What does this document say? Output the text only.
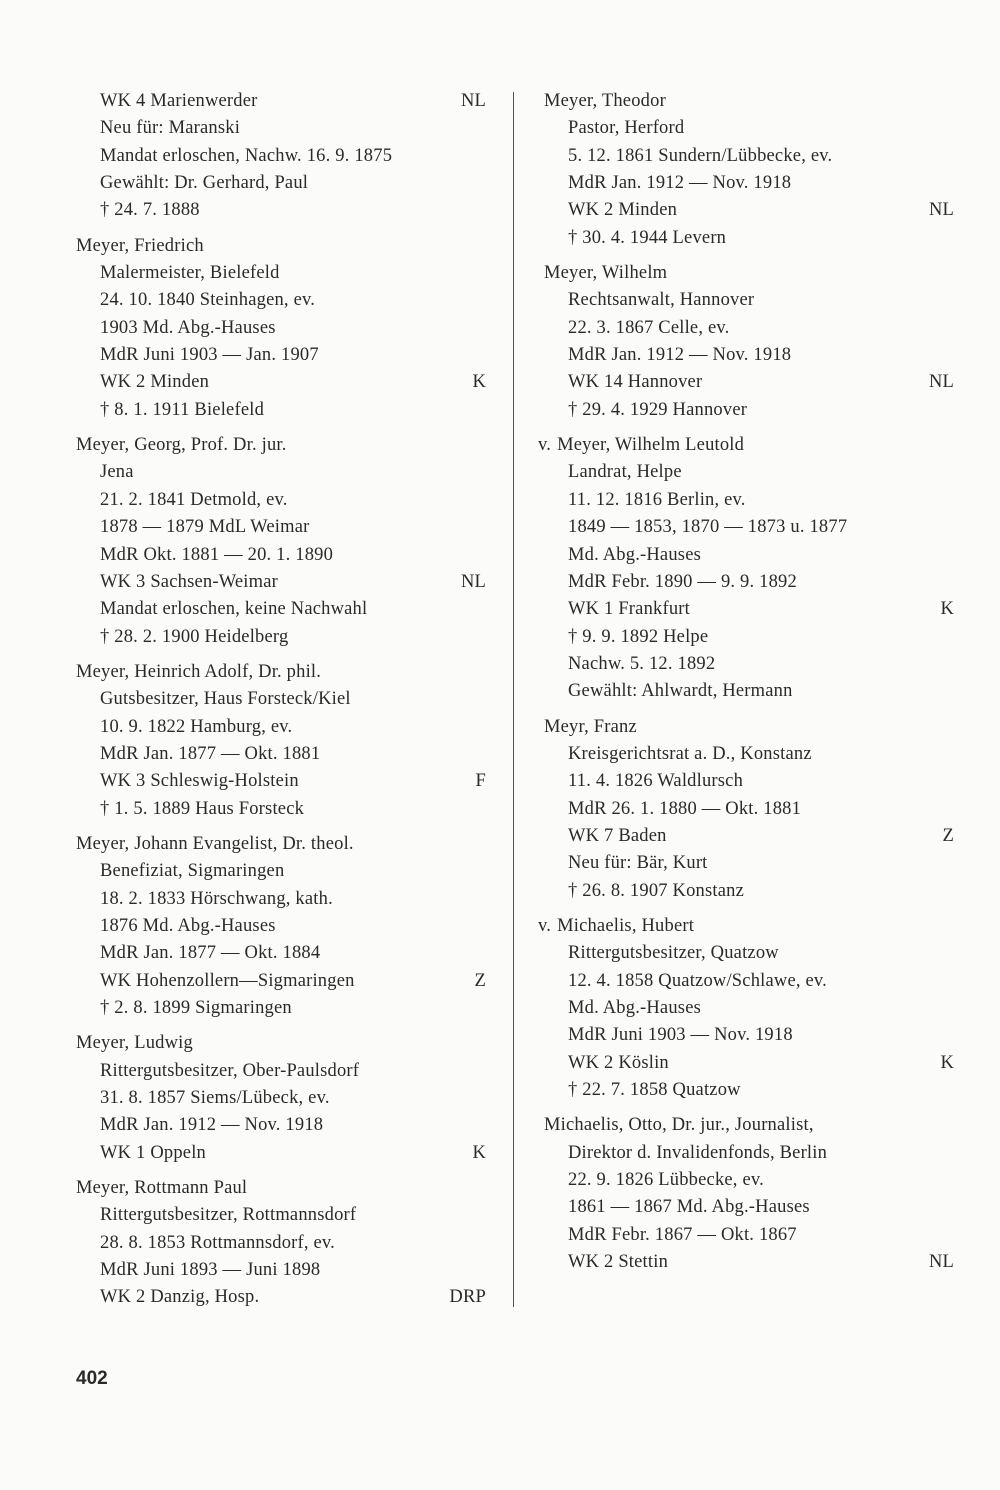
WK 4 Marienwerder	NL
Neu für: Maranski
Mandat erloschen, Nachw. 16. 9. 1875
Gewählt: Dr. Gerhard, Paul
† 24. 7. 1888
Meyer, Friedrich
Malermeister, Bielefeld
24. 10. 1840 Steinhagen, ev.
1903 Md. Abg.-Hauses
MdR Juni 1903 — Jan. 1907
WK 2 Minden	K
† 8. 1. 1911 Bielefeld
Meyer, Georg, Prof. Dr. jur.
Jena
21. 2. 1841 Detmold, ev.
1878 — 1879 MdL Weimar
MdR Okt. 1881 — 20. 1. 1890
WK 3 Sachsen-Weimar	NL
Mandat erloschen, keine Nachwahl
† 28. 2. 1900 Heidelberg
Meyer, Heinrich Adolf, Dr. phil.
Gutsbesitzer, Haus Forsteck/Kiel
10. 9. 1822 Hamburg, ev.
MdR Jan. 1877 — Okt. 1881
WK 3 Schleswig-Holstein	F
† 1. 5. 1889 Haus Forsteck
Meyer, Johann Evangelist, Dr. theol.
Benefiziat, Sigmaringen
18. 2. 1833 Hörschwang, kath.
1876 Md. Abg.-Hauses
MdR Jan. 1877 — Okt. 1884
WK Hohenzollern—Sigmaringen	Z
† 2. 8. 1899 Sigmaringen
Meyer, Ludwig
Rittergutsbesitzer, Ober-Paulsdorf
31. 8. 1857 Siems/Lübeck, ev.
MdR Jan. 1912 — Nov. 1918
WK 1 Oppeln	K
Meyer, Rottmann Paul
Rittergutsbesitzer, Rottmannsdorf
28. 8. 1853 Rottmannsdorf, ev.
MdR Juni 1893 — Juni 1898
WK 2 Danzig, Hosp.	DRP
Meyer, Theodor
Pastor, Herford
5. 12. 1861 Sundern/Lübbecke, ev.
MdR Jan. 1912 — Nov. 1918
WK 2 Minden	NL
† 30. 4. 1944 Levern
Meyer, Wilhelm
Rechtsanwalt, Hannover
22. 3. 1867 Celle, ev.
MdR Jan. 1912 — Nov. 1918
WK 14 Hannover	NL
† 29. 4. 1929 Hannover
v. Meyer, Wilhelm Leutold
Landrat, Helpe
11. 12. 1816 Berlin, ev.
1849 — 1853, 1870 — 1873 u. 1877
Md. Abg.-Hauses
MdR Febr. 1890 — 9. 9. 1892
WK 1 Frankfurt	K
† 9. 9. 1892 Helpe
Nachw. 5. 12. 1892
Gewählt: Ahlwardt, Hermann
Meyr, Franz
Kreisgerichtsrat a. D., Konstanz
11. 4. 1826 Waldlursch
MdR 26. 1. 1880 — Okt. 1881
WK 7 Baden	Z
Neu für: Bär, Kurt
† 26. 8. 1907 Konstanz
v. Michaelis, Hubert
Rittergutsbesitzer, Quatzow
12. 4. 1858 Quatzow/Schlawe, ev.
Md. Abg.-Hauses
MdR Juni 1903 — Nov. 1918
WK 2 Köslin	K
† 22. 7. 1858 Quatzow
Michaelis, Otto, Dr. jur., Journalist,
Direktor d. Invalidenfonds, Berlin
22. 9. 1826 Lübbecke, ev.
1861 — 1867 Md. Abg.-Hauses
MdR Febr. 1867 — Okt. 1867
WK 2 Stettin	NL
402
